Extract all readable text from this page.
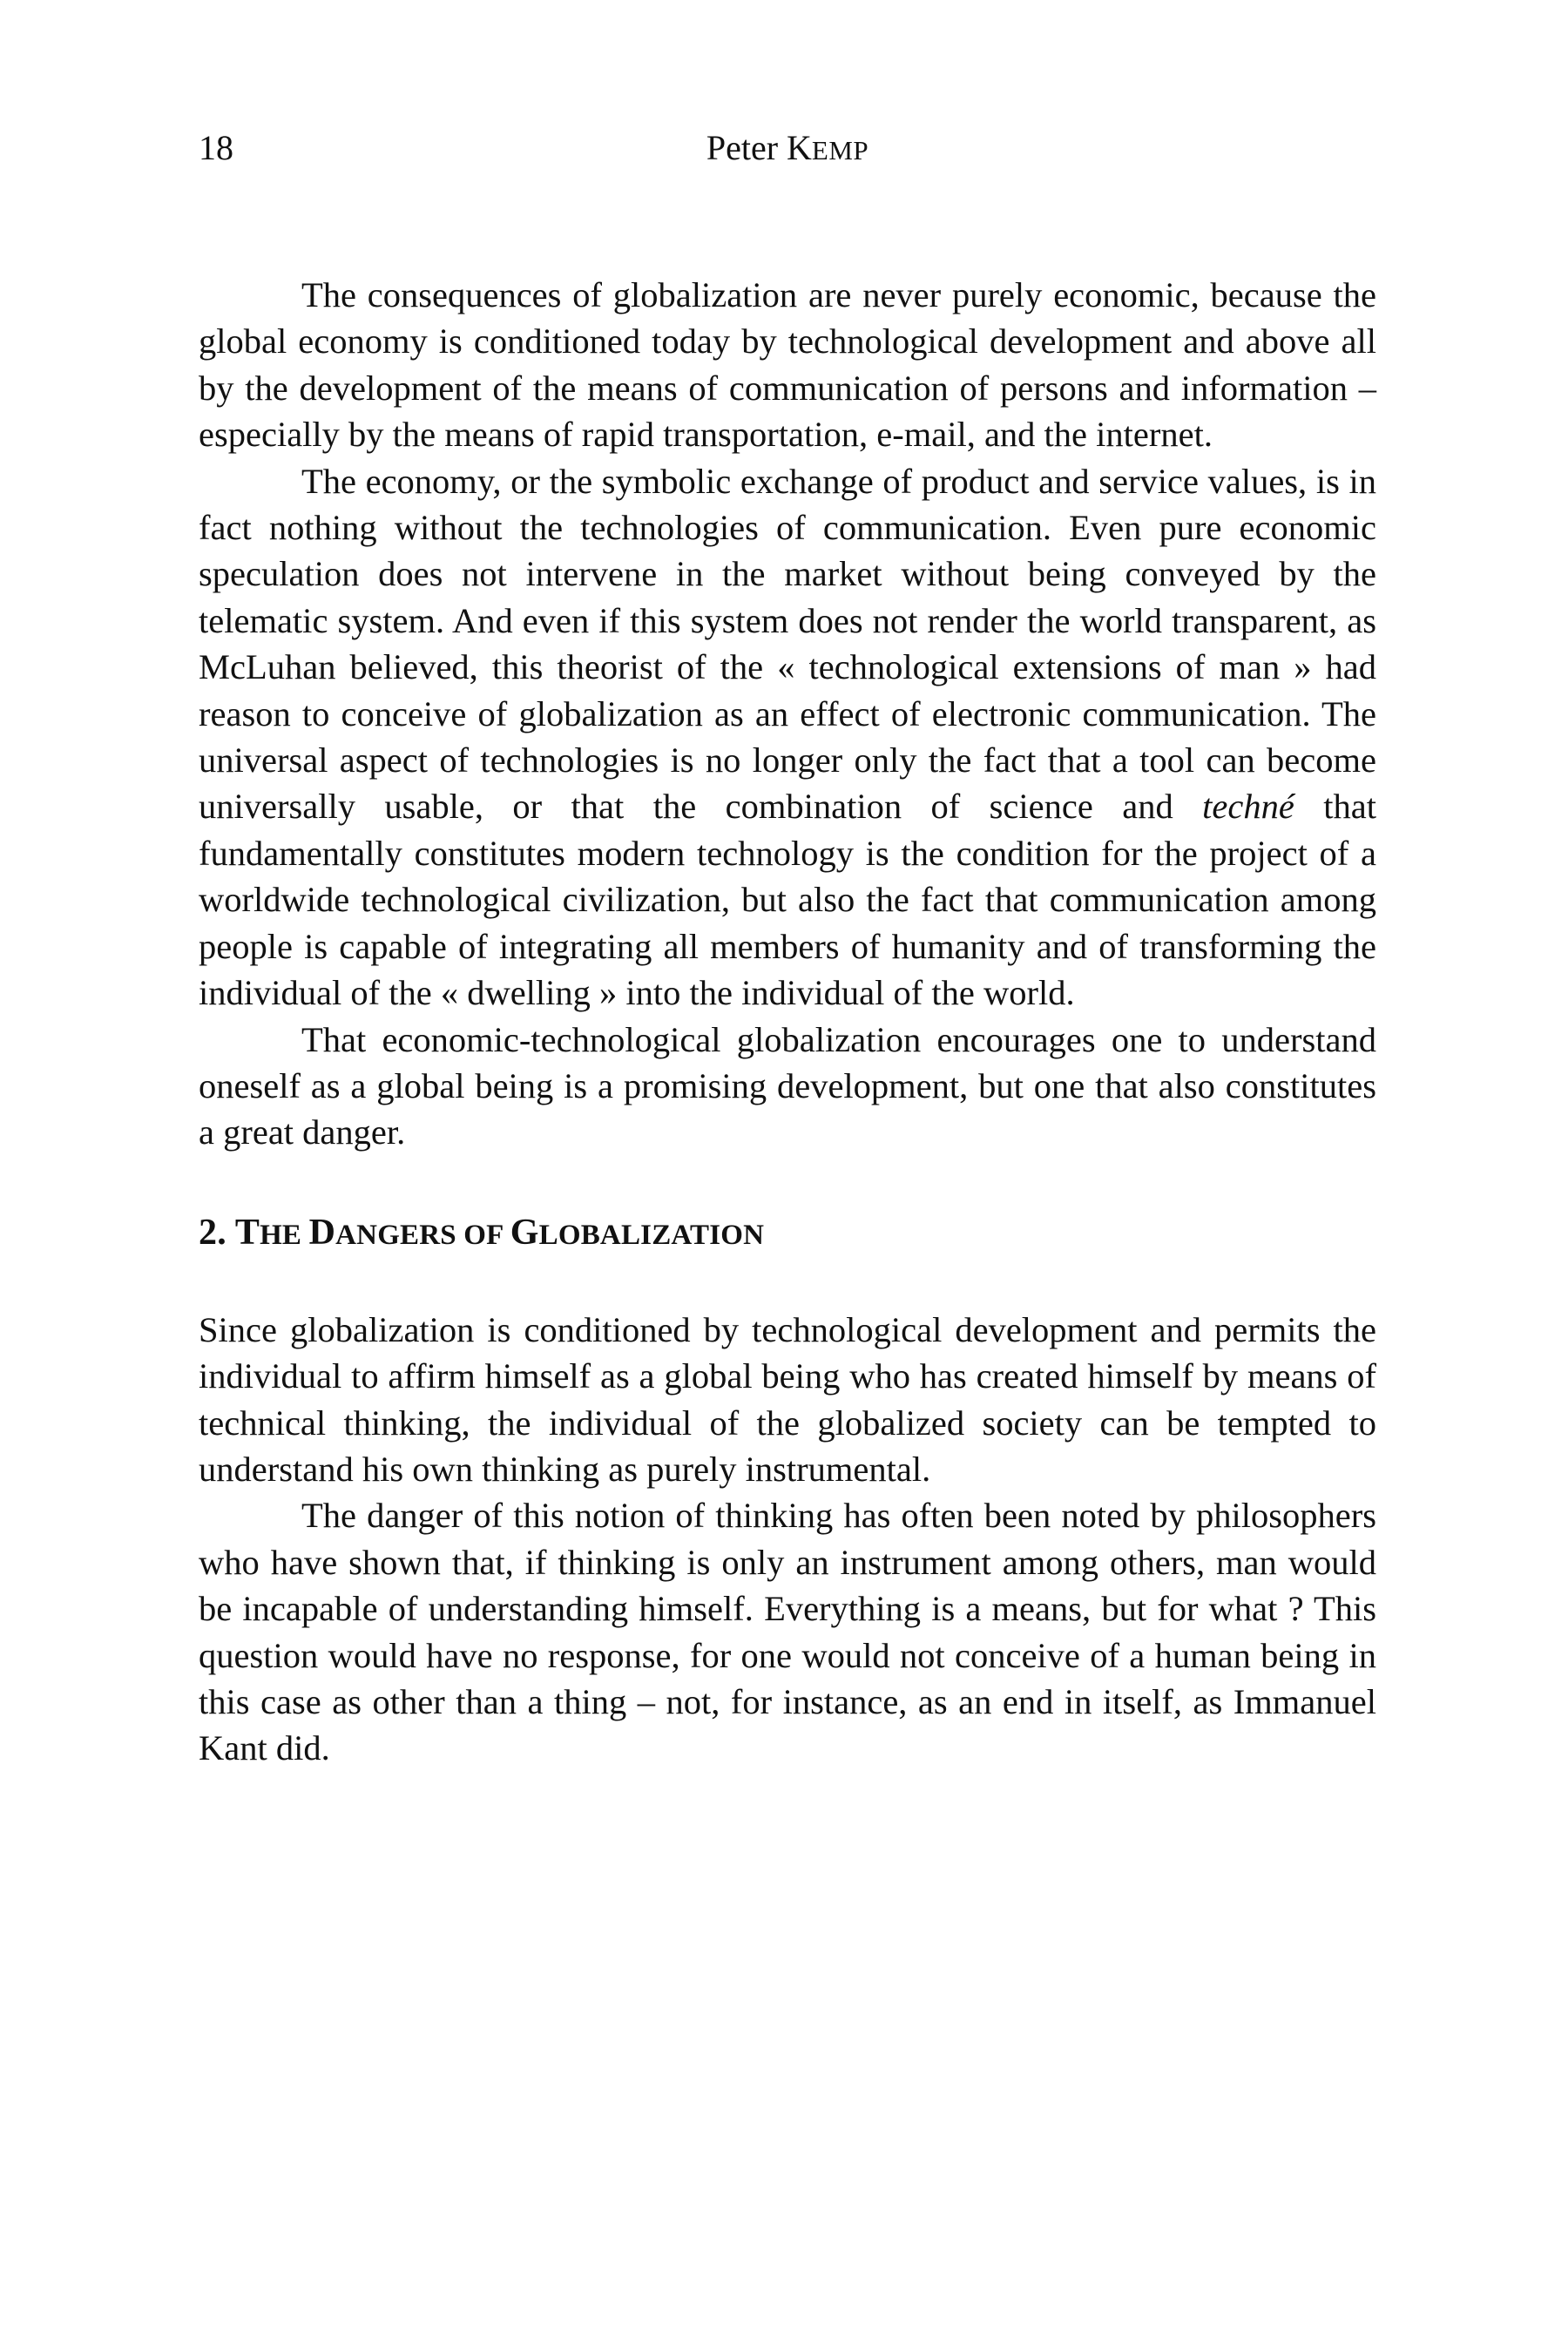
18	Peter KEMP

The consequences of globalization are never purely economic, because the global economy is conditioned today by technological development and above all by the development of the means of communication of persons and information – especially by the means of rapid transportation, e-mail, and the internet.

The economy, or the symbolic exchange of product and service values, is in fact nothing without the technologies of communication. Even pure economic speculation does not intervene in the market without being conveyed by the telematic system. And even if this system does not render the world transparent, as McLuhan believed, this theorist of the « technological extensions of man » had reason to conceive of globalization as an effect of electronic communication. The universal aspect of technologies is no longer only the fact that a tool can become universally usable, or that the combination of science and techné that fundamentally constitutes modern technology is the condition for the project of a worldwide technological civilization, but also the fact that communication among people is capable of integrating all members of humanity and of transforming the individual of the « dwelling » into the individual of the world.

That economic-technological globalization encourages one to understand oneself as a global being is a promising development, but one that also constitutes a great danger.

2. THE DANGERS OF GLOBALIZATION

Since globalization is conditioned by technological development and permits the individual to affirm himself as a global being who has created himself by means of technical thinking, the individual of the globalized society can be tempted to understand his own thinking as purely instrumental.

The danger of this notion of thinking has often been noted by philosophers who have shown that, if thinking is only an instrument among others, man would be incapable of understanding himself. Everything is a means, but for what ? This question would have no response, for one would not conceive of a human being in this case as other than a thing – not, for instance, as an end in itself, as Immanuel Kant did.
